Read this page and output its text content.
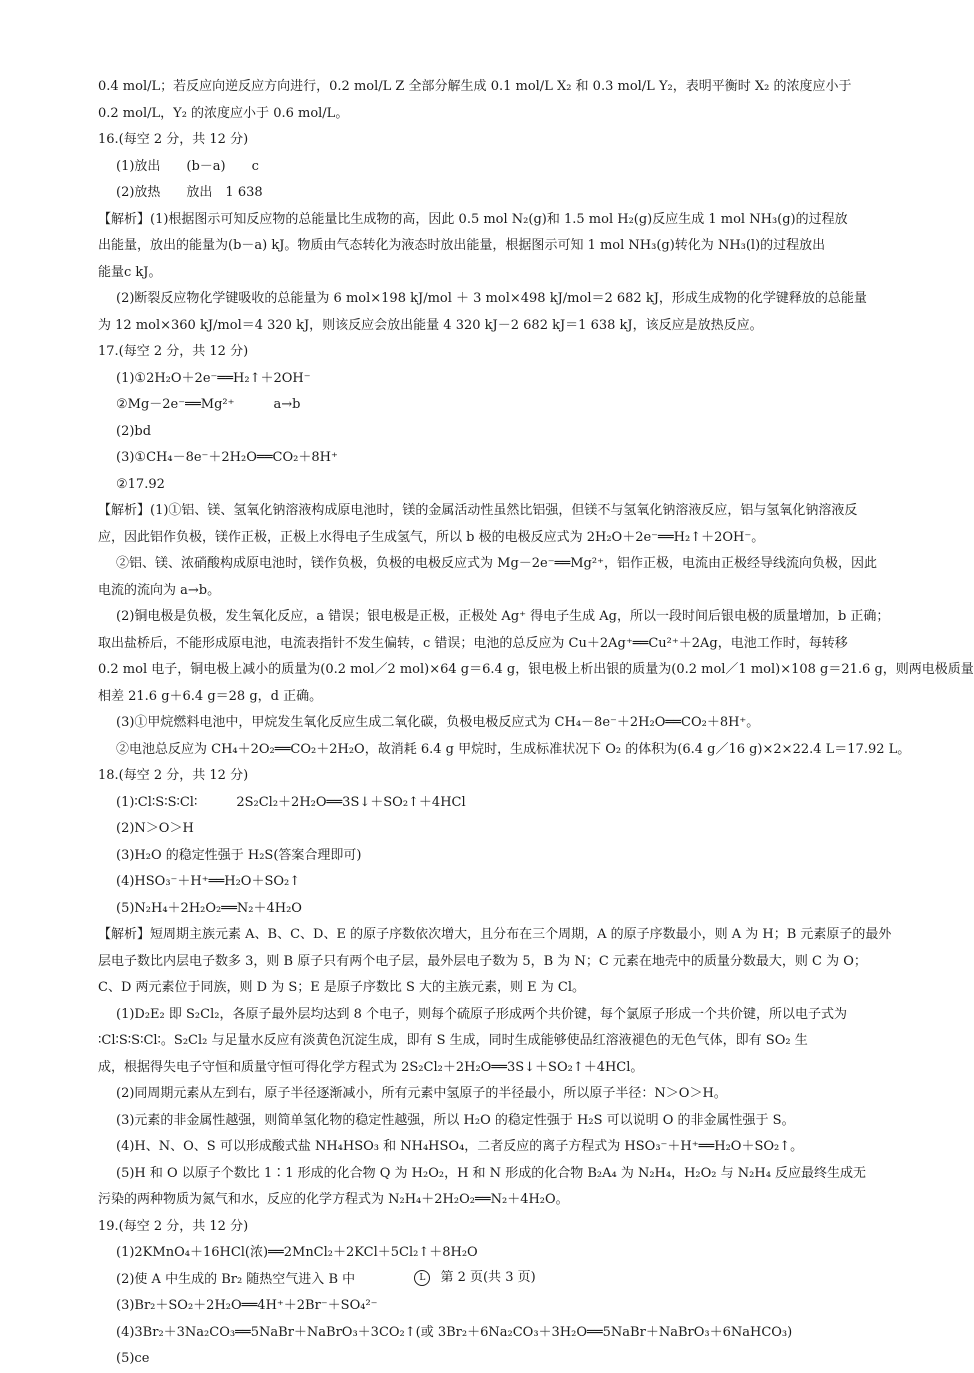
0.4 mol/L；若反应向逆反应方向进行，0.2 mol/L Z 全部分解生成 0.1 mol/L X₂ 和 0.3 mol/L Y₂，表明平衡时 X₂ 的浓度应小于
0.2 mol/L，Y₂ 的浓度应小于 0.6 mol/L。
16.(每空 2 分，共 12 分)
(1)放出　　(b－a)　　c
(2)放热　　放出　1 638
【解析】(1)根据图示可知反应物的总能量比生成物的高，因此 0.5 mol N₂(g)和 1.5 mol H₂(g)反应生成 1 mol NH₃(g)的过程放
出能量，放出的能量为(b－a) kJ。物质由气态转化为液态时放出能量，根据图示可知 1 mol NH₃(g)转化为 NH₃(l)的过程放出
能量c kJ。
(2)断裂反应物化学键吸收的总能量为 6 mol×198 kJ/mol ＋ 3 mol×498 kJ/mol＝2 682 kJ，形成生成物的化学键释放的总能量
为 12 mol×360 kJ/mol＝4 320 kJ，则该反应会放出能量 4 320 kJ－2 682 kJ＝1 638 kJ，该反应是放热反应。
17.(每空 2 分，共 12 分)
(1)①2H₂O＋2e⁻══H₂↑＋2OH⁻
②Mg－2e⁻══Mg²⁺　　　a→b
(2)bd
(3)①CH₄－8e⁻＋2H₂O══CO₂＋8H⁺
②17.92
【解析】(1)①铝、镁、氢氧化钠溶液构成原电池时，镁的金属活动性虽然比铝强，但镁不与氢氧化钠溶液反应，铝与氢氧化钠溶液反
应，因此铝作负极，镁作正极，正极上水得电子生成氢气，所以 b 极的电极反应式为 2H₂O＋2e⁻══H₂↑＋2OH⁻。
②铝、镁、浓硝酸构成原电池时，镁作负极，负极的电极反应式为 Mg－2e⁻══Mg²⁺，铝作正极，电流由正极经导线流向负极，因此
电流的流向为 a→b。
(2)铜电极是负极，发生氧化反应，a 错误；银电极是正极，正极处 Ag⁺ 得电子生成 Ag，所以一段时间后银电极的质量增加，b 正确；
取出盐桥后，不能形成原电池，电流表指针不发生偏转，c 错误；电池的总反应为 Cu＋2Ag⁺══Cu²⁺＋2Ag，电池工作时，每转移
0.2 mol 电子，铜电极上减小的质量为(0.2 mol／2 mol)×64 g＝6.4 g，银电极上析出银的质量为(0.2 mol／1 mol)×108 g＝21.6 g，则两电极质量
相差 21.6 g＋6.4 g＝28 g，d 正确。
(3)①甲烷燃料电池中，甲烷发生氧化反应生成二氧化碳，负极电极反应式为 CH₄－8e⁻＋2H₂O══CO₂＋8H⁺。
②电池总反应为 CH₄＋2O₂══CO₂＋2H₂O，故消耗 6.4 g 甲烷时，生成标准状况下 O₂ 的体积为(6.4 g／16 g)×2×22.4 L＝17.92 L。
18.(每空 2 分，共 12 分)
(1)∶Cl∶S∶S∶Cl∶　　　2S₂Cl₂＋2H₂O══3S↓＋SO₂↑＋4HCl
(2)N＞O＞H
(3)H₂O 的稳定性强于 H₂S(答案合理即可)
(4)HSO₃⁻＋H⁺══H₂O＋SO₂↑
(5)N₂H₄＋2H₂O₂══N₂＋4H₂O
【解析】短周期主族元素 A、B、C、D、E 的原子序数依次增大，且分布在三个周期，A 的原子序数最小，则 A 为 H；B 元素原子的最外
层电子数比内层电子数多 3，则 B 原子只有两个电子层，最外层电子数为 5，B 为 N；C 元素在地壳中的质量分数最大，则 C 为 O；
C、D 两元素位于同族，则 D 为 S；E 是原子序数比 S 大的主族元素，则 E 为 Cl。
(1)D₂E₂ 即 S₂Cl₂，各原子最外层均达到 8 个电子，则每个硫原子形成两个共价键，每个氯原子形成一个共价键，所以电子式为
∶Cl∶S∶S∶Cl∶。S₂Cl₂ 与足量水反应有淡黄色沉淀生成，即有 S 生成，同时生成能够使品红溶液褪色的无色气体，即有 SO₂ 生
成，根据得失电子守恒和质量守恒可得化学方程式为 2S₂Cl₂＋2H₂O══3S↓＋SO₂↑＋4HCl。
(2)同周期元素从左到右，原子半径逐渐减小，所有元素中氢原子的半径最小，所以原子半径：N＞O＞H。
(3)元素的非金属性越强，则简单氢化物的稳定性越强，所以 H₂O 的稳定性强于 H₂S 可以说明 O 的非金属性强于 S。
(4)H、N、O、S 可以形成酸式盐 NH₄HSO₃ 和 NH₄HSO₄，二者反应的离子方程式为 HSO₃⁻＋H⁺══H₂O＋SO₂↑。
(5)H 和 O 以原子个数比 1∶1 形成的化合物 Q 为 H₂O₂，H 和 N 形成的化合物 B₂A₄ 为 N₂H₄，H₂O₂ 与 N₂H₄ 反应最终生成无
污染的两种物质为氮气和水，反应的化学方程式为 N₂H₄＋2H₂O₂══N₂＋4H₂O。
19.(每空 2 分，共 12 分)
(1)2KMnO₄＋16HCl(浓)══2MnCl₂＋2KCl＋5Cl₂↑＋8H₂O
(2)使 A 中生成的 Br₂ 随热空气进入 B 中
(3)Br₂＋SO₂＋2H₂O══4H⁺＋2Br⁻＋SO₄²⁻
(4)3Br₂＋3Na₂CO₃══5NaBr＋NaBrO₃＋3CO₂↑(或 3Br₂＋6Na₂CO₃＋3H₂O══5NaBr＋NaBrO₃＋6NaHCO₃)
(5)ce
L 第 2 页(共 3 页)
